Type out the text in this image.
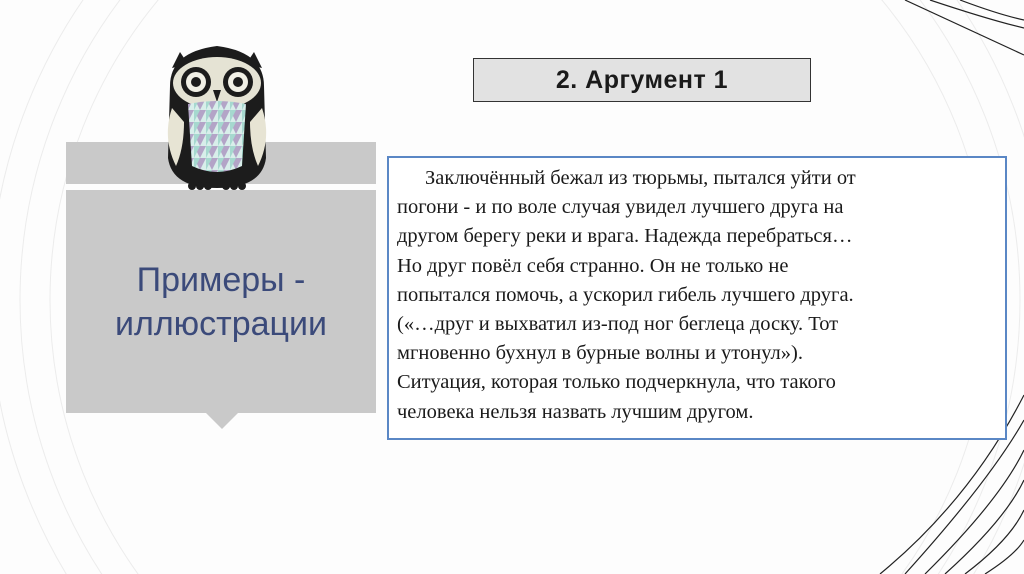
Примеры -
иллюстрации
2. Аргумент 1

Заключённый бежал из тюрьмы, пытался уйти от
погони - и по воле случая увидел лучшего друга на
другом берегу реки и врага. Надежда перебраться…
Но друг повёл себя странно. Он не только не
попытался помочь, а ускорил гибель лучшего друга.
(«…друг и выхватил из-под ног беглеца доску. Тот
мгновенно бухнул в бурные волны и утонул»).
Ситуация, которая только подчеркнула, что такого
человека нельзя назвать лучшим другом.
